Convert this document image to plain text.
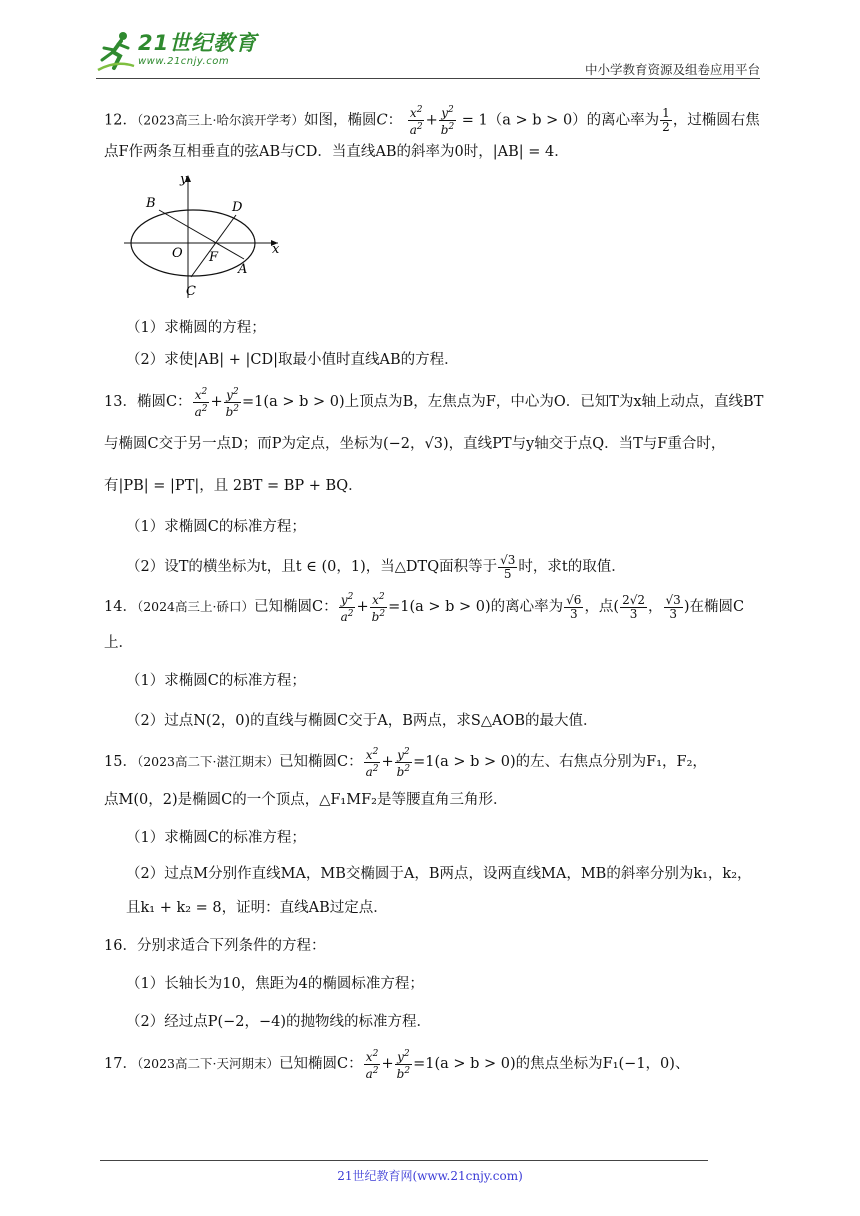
21世纪教育
www.21cnjy.com
中小学教育资源及组卷应用平台

12．（2023高三上·哈尔滨开学考）如图，椭圆C： $\frac{x^2}{a^2} + \frac{y^2}{b^2} = 1(a > b > 0)$的离心率为 $\frac{1}{2}$ ，过椭圆右焦点F作两条互相垂直的弦AB与CD．当直线AB的斜率为0时，|AB| = 4．

y
x
B	D
O F
A
C

（1）求椭圆的方程；

（2）求使|AB| + |CD|取最小值时直线AB的方程．

13．椭圆C： $\frac{x^2}{a^2} + \frac{y^2}{b^2} =1(a > b > 0)$上顶点为B，左焦点为F，中心为O．已知T为x轴上动点，直线BT与椭圆C交于另一点D；而P为定点，坐标为(−2，√3)，直线PT与y轴交于点Q．当T与F重合时，有|PB| = |PT|，且 2BT = BP + BQ．

（1）求椭圆C的标准方程；

（2）设T的横坐标为t，且t ∈ (0，1)，当△DTQ面积等于 $\frac{√3}{5}$ 时，求t的取值．

14．（2024高三上·硚口）已知椭圆C： $\frac{y^2}{a^2} + \frac{x^2}{b^2} =1(a > b > 0)$的离心率为 $\frac{√6}{3}$ ，点( $\frac{2√2}{3}$ ， $\frac{√3}{3}$ )在椭圆C上．

（1）求椭圆C的标准方程；

（2）过点N(2，0)的直线与椭圆C交于A，B两点，求S△AOB的最大值．

15．（2023高二下·湛江期末）已知椭圆C： $\frac{x^2}{a^2} + \frac{y^2}{b^2} =1(a > b > 0)$的左、右焦点分别为F₁，F₂，

点M(0，2)是椭圆C的一个顶点，△F₁MF₂是等腰直角三角形．

（1）求椭圆C的标准方程；

（2）过点M分别作直线MA，MB交椭圆于A，B两点，设两直线MA，MB的斜率分别为k₁，k₂，且k₁ + k₂ = 8，证明：直线AB过定点．

16．分别求适合下列条件的方程：

（1）长轴长为10，焦距为4的椭圆标准方程；

（2）经过点P(−2，−4)的抛物线的标准方程．

17．（2023高二下·天河期末）已知椭圆C： $\frac{x^2}{a^2} + \frac{y^2}{b^2} =1(a > b > 0)$的焦点坐标为F₁(−1，0)、

21世纪教育网(www.21cnjy.com)
